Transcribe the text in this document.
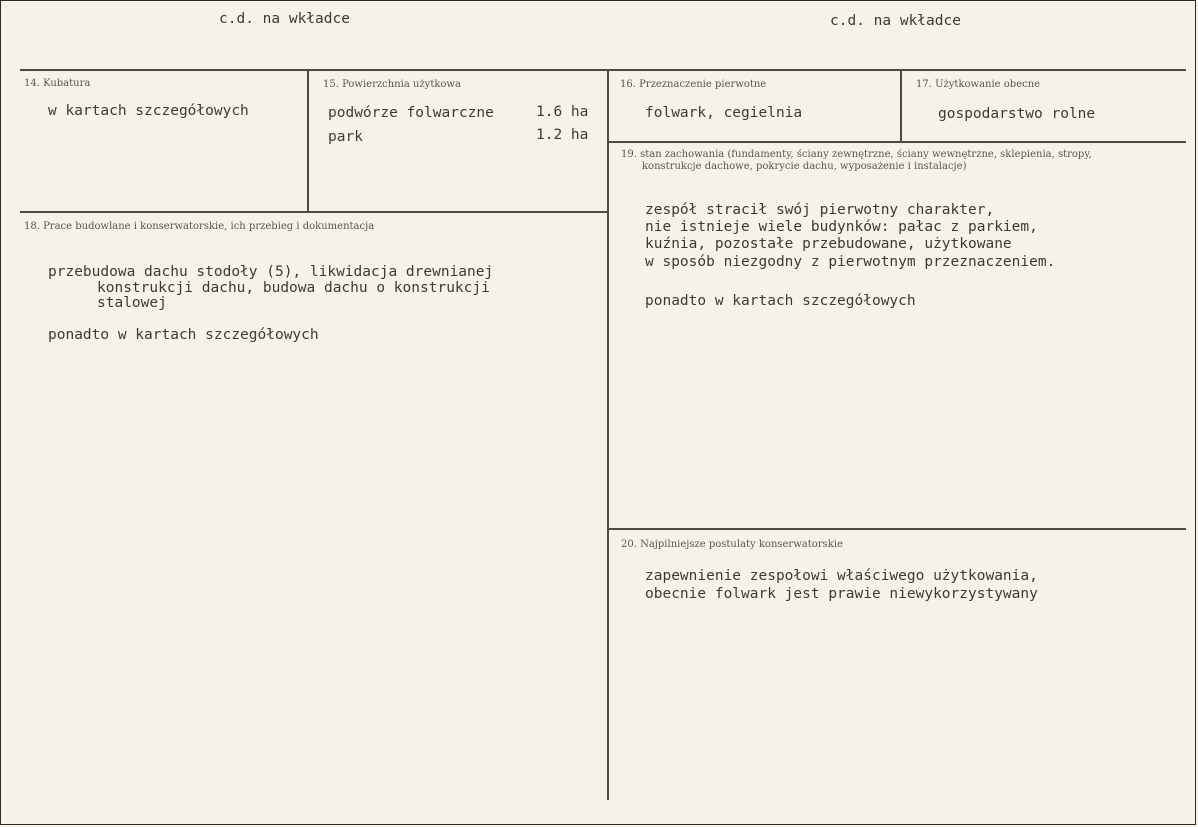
c.d. na wkładce	c.d. na wkładce
14. Kubatura
w kartach szczegółowych
15. Powierzchnia użytkowa
podwórze folwarczne	1.6 ha
park	1.2 ha
16. Przeznaczenie pierwotne
folwark, cegielnia
17. Użytkowanie obecne
gospodarstwo rolne
18. Prace budowlane i konserwatorskie, ich przebieg i dokumentacja
przebudowa dachu stodoły (5), likwidacja drewnianej
konstrukcji dachu, budowa dachu o konstrukcji
stalowej
ponadto w kartach szczegółowych
19. stan zachowania (fundamenty, ściany zewnętrzne, ściany wewnętrzne, sklepienia, stropy,
konstrukcje dachowe, pokrycie dachu, wyposażenie i instalacje)
zespół stracił swój pierwotny charakter,
nie istnieje wiele budynków: pałac z parkiem,
kuźnia, pozostałe przebudowane, użytkowane
w sposób niezgodny z pierwotnym przeznaczeniem.
ponadto w kartach szczegółowych
20. Najpilniejsze postulaty konserwatorskie
zapewnienie zespołowi właściwego użytkowania,
obecnie folwark jest prawie niewykorzystywany
